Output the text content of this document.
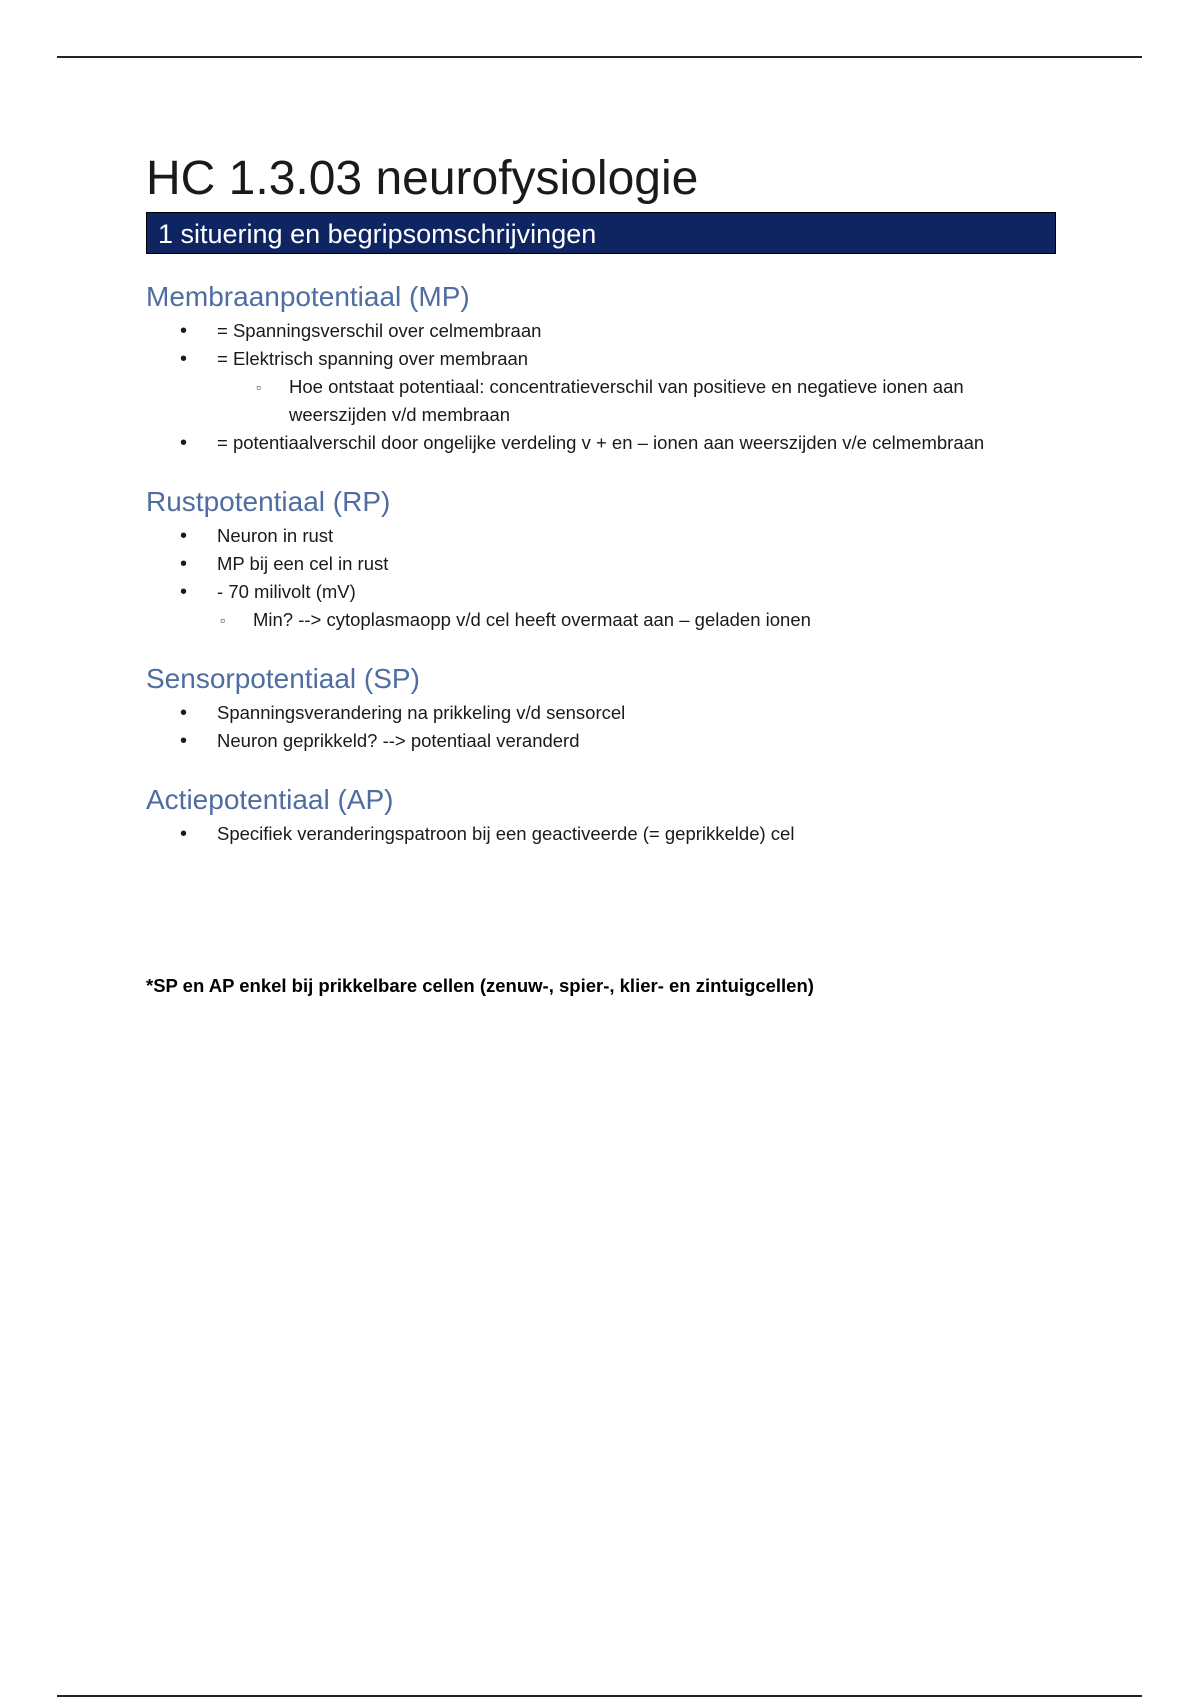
HC 1.3.03 neurofysiologie
1 situering en begripsomschrijvingen
Membraanpotentiaal (MP)
• = Spanningsverschil over celmembraan
• = Elektrisch spanning over membraan
▫ Hoe ontstaat potentiaal: concentratieverschil van positieve en negatieve ionen aan weerszijden v/d membraan
• = potentiaalverschil door ongelijke verdeling v + en – ionen aan weerszijden v/e celmembraan
Rustpotentiaal (RP)
• Neuron in rust
• MP bij een cel in rust
• - 70 milivolt (mV)
▫ Min? --> cytoplasmaopp v/d cel heeft overmaat aan – geladen ionen
Sensorpotentiaal (SP)
• Spanningsverandering na prikkeling v/d sensorcel
• Neuron geprikkeld? --> potentiaal veranderd
Actiepotentiaal (AP)
• Specifiek veranderingspatroon bij een geactiveerde (= geprikkelde) cel
*SP en AP enkel bij prikkelbare cellen (zenuw-, spier-, klier- en zintuigcellen)
